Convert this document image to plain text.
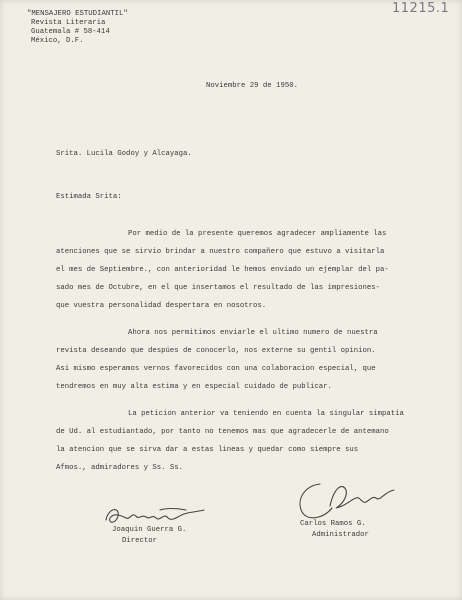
11215.1
"MENSAJERO ESTUDIANTIL"
Revista Literaria
Guatemala # 58-414
México, D.F.
Noviembre 29 de 1950.
Srita. Lucila Godoy y Alcayaga.
Estimada Srita:
Por medio de la presente queremos agradecer ampliamente las
atenciones que se sirvio brindar a nuestro compañero que estuvo a visitarla
el mes de Septiembre., con anterioridad le hemos enviado un ejemplar del pa-
sado mes de Octubre, en el que insertamos el resultado de las impresiones-
que vuestra personalidad despertara en nosotros.
Ahora nos permitimos enviarle el ultimo numero de nuestra
revista deseando que despúes de conocerlo, nos externe su gentil opinion.
Asi mismo esperamos vernos favorecidos con una colaboracion especial, que
tendremos en muy alta estima y en especial cuidado de publicar.
La peticion anterior va teniendo en cuenta la singular simpatia
de Ud. al estudiantado, por tanto no tenemos mas que agradecerle de antemano
la atencion que se sirva dar a estas lineas y quedar como siempre sus
Afmos., admiradores y Ss. Ss.
Joaquin Guerra G.
Director
Carlos Ramos G.
Administrador
